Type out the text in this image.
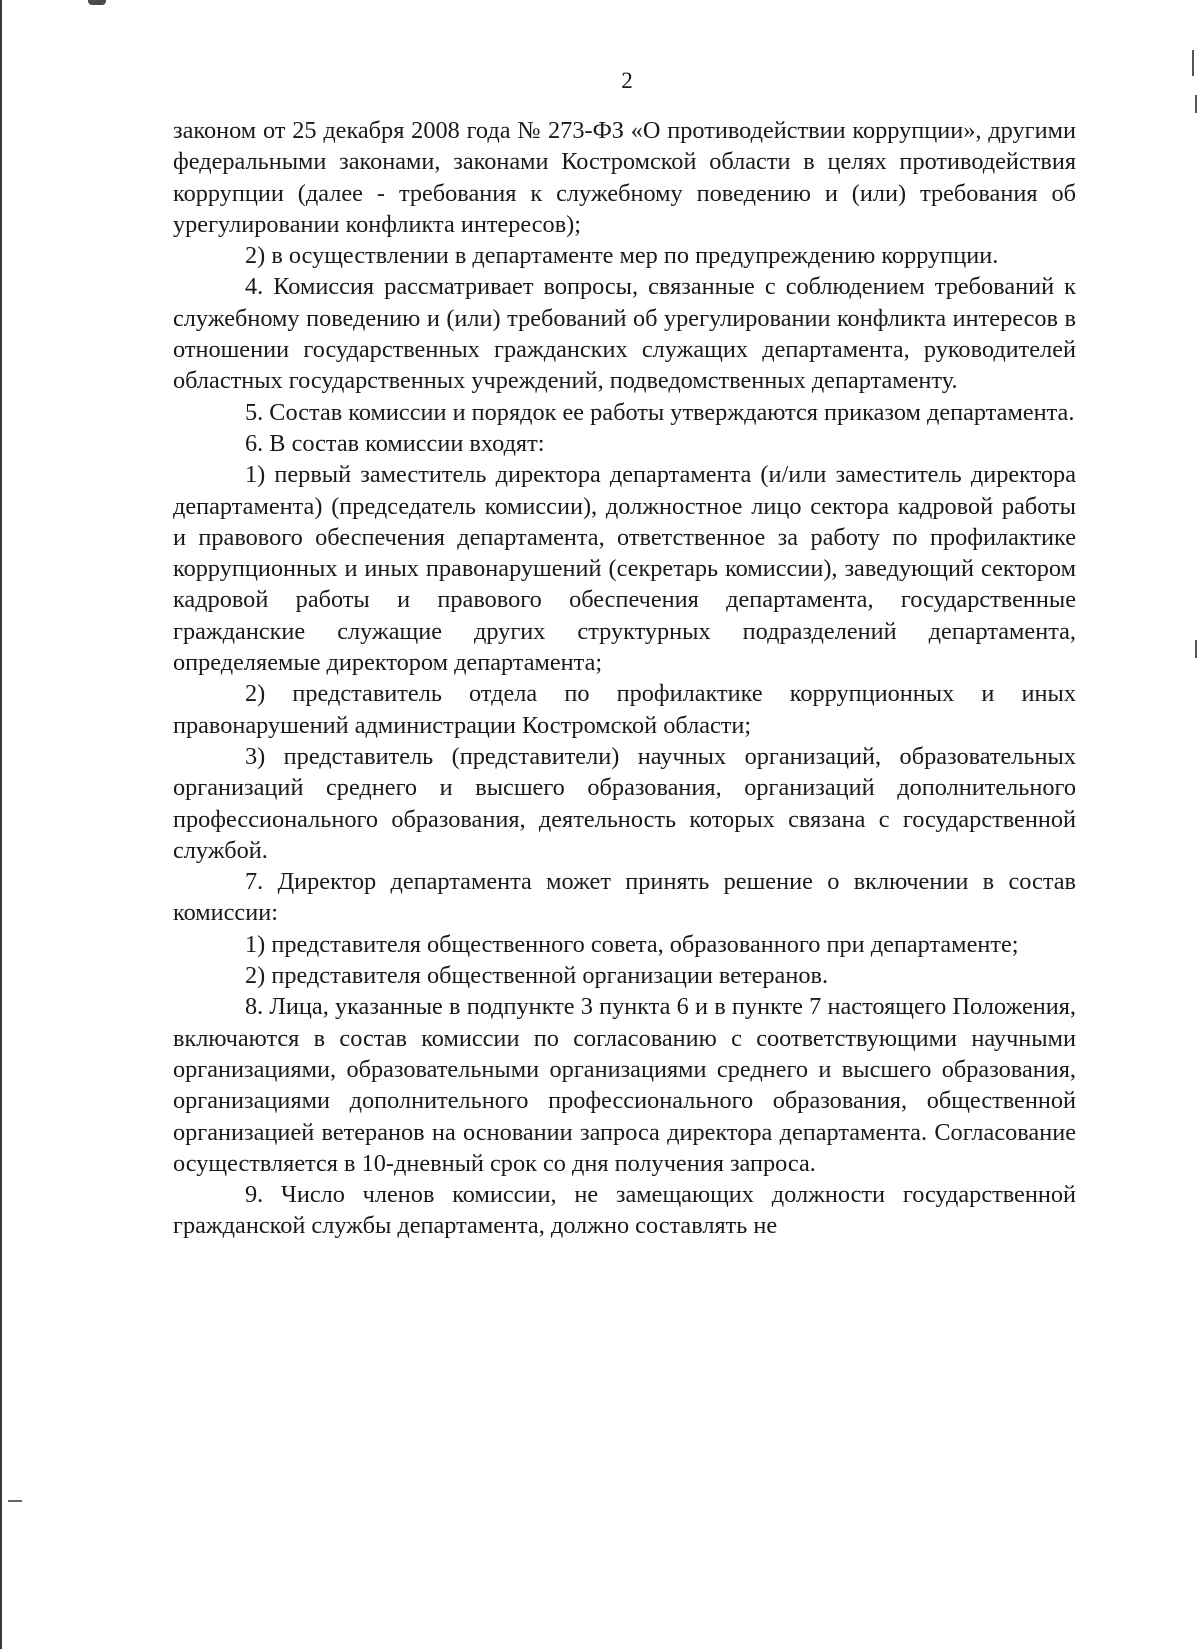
2

законом от 25 декабря 2008 года № 273-ФЗ «О противодействии коррупции», другими федеральными законами, законами Костромской области в целях противодействия коррупции (далее - требования к служебному поведению и (или) требования об урегулировании конфликта интересов);

2) в осуществлении в департаменте мер по предупреждению коррупции.

4. Комиссия рассматривает вопросы, связанные с соблюдением требований к служебному поведению и (или) требований об урегулировании конфликта интересов в отношении государственных гражданских служащих департамента, руководителей областных государственных учреждений, подведомственных департаменту.

5. Состав комиссии и порядок ее работы утверждаются приказом департамента.

6. В состав комиссии входят:

1) первый заместитель директора департамента (и/или заместитель директора департамента) (председатель комиссии), должностное лицо сектора кадровой работы и правового обеспечения департамента, ответственное за работу по профилактике коррупционных и иных правонарушений (секретарь комиссии), заведующий сектором кадровой работы и правового обеспечения департамента, государственные гражданские служащие других структурных подразделений департамента, определяемые директором департамента;

2) представитель отдела по профилактике коррупционных и иных правонарушений администрации Костромской области;

3) представитель (представители) научных организаций, образовательных организаций среднего и высшего образования, организаций дополнительного профессионального образования, деятельность которых связана с государственной службой.

7. Директор департамента может принять решение о включении в состав комиссии:

1) представителя общественного совета, образованного при департаменте;

2) представителя общественной организации ветеранов.

8. Лица, указанные в подпункте 3 пункта 6 и в пункте 7 настоящего Положения, включаются в состав комиссии по согласованию с соответствующими научными организациями, образовательными организациями среднего и высшего образования, организациями дополнительного профессионального образования, общественной организацией ветеранов на основании запроса директора департамента. Согласование осуществляется в 10-дневный срок со дня получения запроса.

9. Число членов комиссии, не замещающих должности государственной гражданской службы департамента, должно составлять не
